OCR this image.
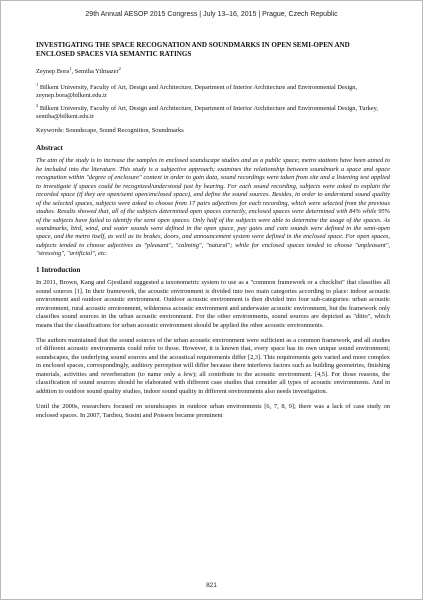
29th Annual AESOP 2015 Congress | July 13–16, 2015 | Prague, Czech Republic
INVESTIGATING THE SPACE RECOGNATION AND SOUNDMARKS IN OPEN SEMI-OPEN AND ENCLOSED SPACES VIA SEMANTIC RATINGS
Zeynep Bora$^1$, Semiha Yilmazer$^2$
$^1$ Bilkent University, Faculty of Art, Design and Architecture, Department of Interior Architecture and Environmental Design, zeynep.bora@bilkent.edu.tr
$^2$ Bilkent University, Faculty of Art, Design and Architecture, Department of Interior Architecture and Environmental Design, Turkey, semiha@bilkent.edu.tr
Keywords: Soundscape, Sound Recognition, Soundmarks
Abstract

The aim of the study is to increase the samples in enclosed soundscape studies and as a public space; metro stations have been aimed to be included into the literature. This study is a subjective approach; examines the relationship between soundmark a space and space recognation within "degree of enclosure" context in order to gain data, sound recordings were taken from site and a listening test applied to investigate if spaces could be recognized/understood just by hearing. For each sound recording, subjects were asked to explain the recorded space (if they are open/semi open/enclosed space), and define the sound sources. Besides, in order to understand sound quality of the selected spaces, subjects were asked to choose from 17 pairs adjectives for each recording, which were selected from the previous studies. Results showed that, all of the subjects determined open spaces correctly, enclosed spaces were determined with 84% while 95% of the subjects have failed to identify the semi open spaces. Only half of the subjects were able to determine the usage of the spaces. As soundmarks, bird, wind, and water sounds were defined in the open space, pay gates and coin sounds were defined in the semi-open space, and the metro itself, as well as its brakes, doors, and announcement system were defined in the enclosed space. For open spaces, subjects tended to choose adjectives as "pleasant", "calming", "natural"; while for enclosed spaces tended to choose "unpleasant", "stressing", "artificial", etc.

1 Introduction

In 2011, Brown, Kang and Gjestland suggested a taxonometric system to use as a "common framework or a checklist" that classifies all sound sources [1]. In their framework, the acoustic environment is divided into two main categories according to place: indoor acoustic environment and outdoor acoustic environment. Outdoor acoustic environment is then divided into four sub-categories: urban acoustic environment, rural acoustic environment, wilderness acoustic environment and underwater acoustic environment, but the framework only classifies sound sources in the urban acoustic environment. For the other environments, sound sources are depicted as "ditto", which means that the classifications for urban acoustic environment should be applied the other acoustic environments.

The authors maintained that the sound sources of the urban acoustic environment were sufficient as a common framework, and all studies of different acoustic environments could refer to those. However, it is known that, every space has its own unique sound environment; soundscapes, the underlying sound sources and the acoustical requirements differ [2,3]. This requirements gets varied and more complex in enclosed spaces, correspondingly, auditory perception will differ because there interferes factors such as building geometries, finishing materials, activities and reverberation (to name only a few); all contribute to the acoustic environment. [4,5]. For those reasons, the classification of sound sources should be elaborated with different case studies that consider all types of acoustic environments. And in addition to outdoor sound quality studies, indoor sound quality in different environments also needs investigation.

Until the 2000s, researchers focused on soundscapes in outdoor urban environments [6, 7, 8, 9]; there was a lack of case study on enclosed spaces. In 2007, Tardieu, Susini and Poisson became prominent

821
